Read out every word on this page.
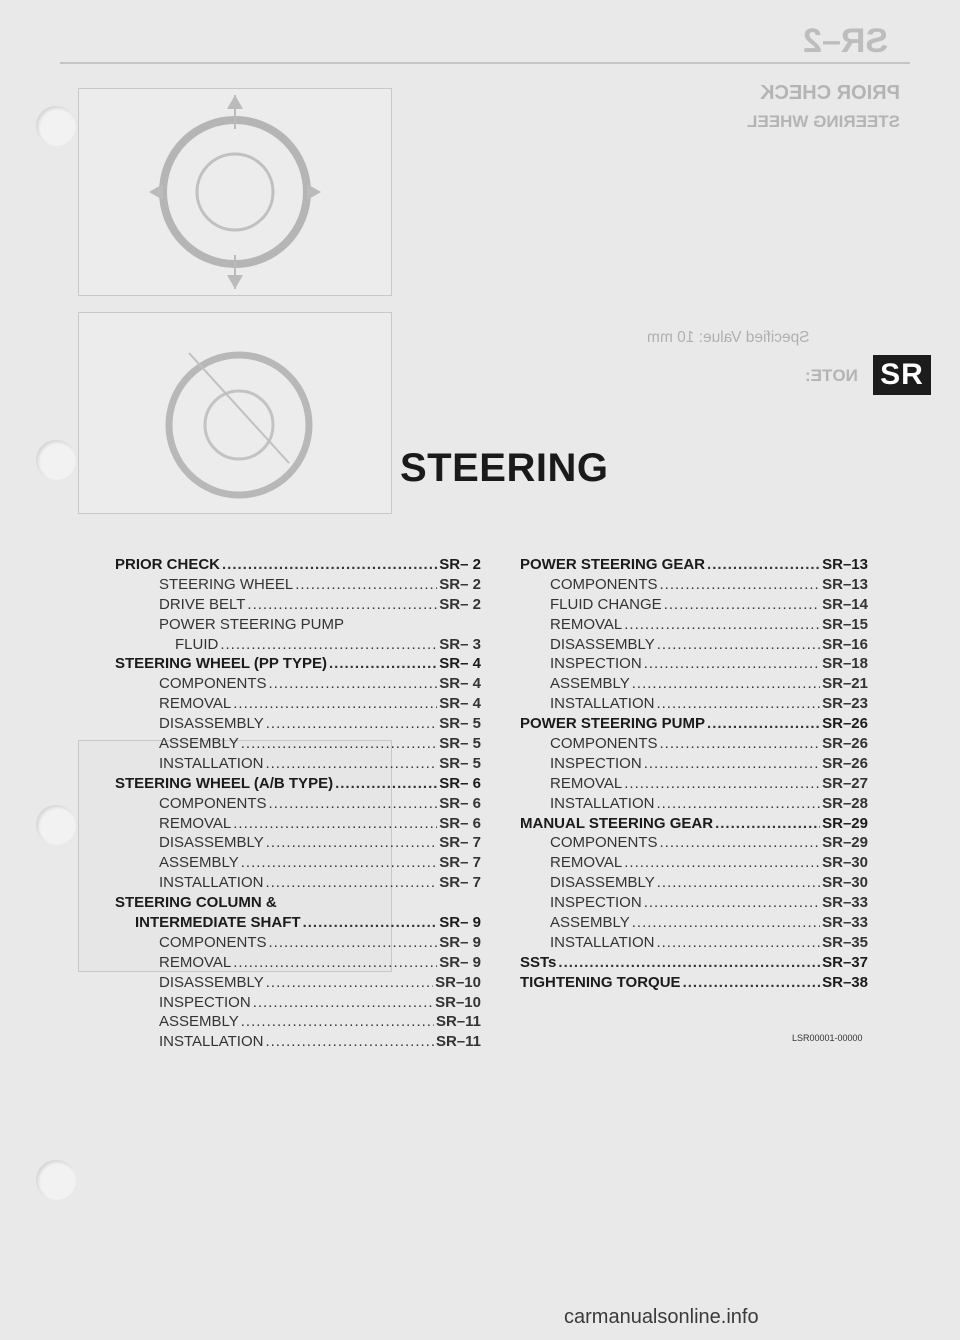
SR–2
PRIOR CHECK
STEERING WHEEL
NOTE:
Specified Value: 10 mm
SR
STEERING
PRIOR CHECK .....	SR– 2
STEERING WHEEL .....	SR– 2
DRIVE BELT .....	SR– 2
POWER STEERING PUMP
FLUID .....	SR– 3
STEERING WHEEL (PP TYPE) .....	SR– 4
COMPONENTS .....	SR– 4
REMOVAL .....	SR– 4
DISASSEMBLY .....	SR– 5
ASSEMBLY .....	SR– 5
INSTALLATION .....	SR– 5
STEERING WHEEL (A/B TYPE) .....	SR– 6
COMPONENTS .....	SR– 6
REMOVAL .....	SR– 6
DISASSEMBLY .....	SR– 7
ASSEMBLY .....	SR– 7
INSTALLATION .....	SR– 7
STEERING COLUMN &
INTERMEDIATE SHAFT .....	SR– 9
COMPONENTS .....	SR– 9
REMOVAL .....	SR– 9
DISASSEMBLY .....	SR–10
INSPECTION .....	SR–10
ASSEMBLY .....	SR–11
INSTALLATION .....	SR–11
POWER STEERING GEAR .....	SR–13
COMPONENTS .....	SR–13
FLUID CHANGE .....	SR–14
REMOVAL .....	SR–15
DISASSEMBLY .....	SR–16
INSPECTION .....	SR–18
ASSEMBLY .....	SR–21
INSTALLATION .....	SR–23
POWER STEERING PUMP .....	SR–26
COMPONENTS .....	SR–26
INSPECTION .....	SR–26
REMOVAL .....	SR–27
INSTALLATION .....	SR–28
MANUAL STEERING GEAR .....	SR–29
COMPONENTS .....	SR–29
REMOVAL .....	SR–30
DISASSEMBLY .....	SR–30
INSPECTION .....	SR–33
ASSEMBLY .....	SR–33
INSTALLATION .....	SR–35
SSTs .....	SR–37
TIGHTENING TORQUE .....	SR–38
LSR00001-00000
carmanualsonline.info
